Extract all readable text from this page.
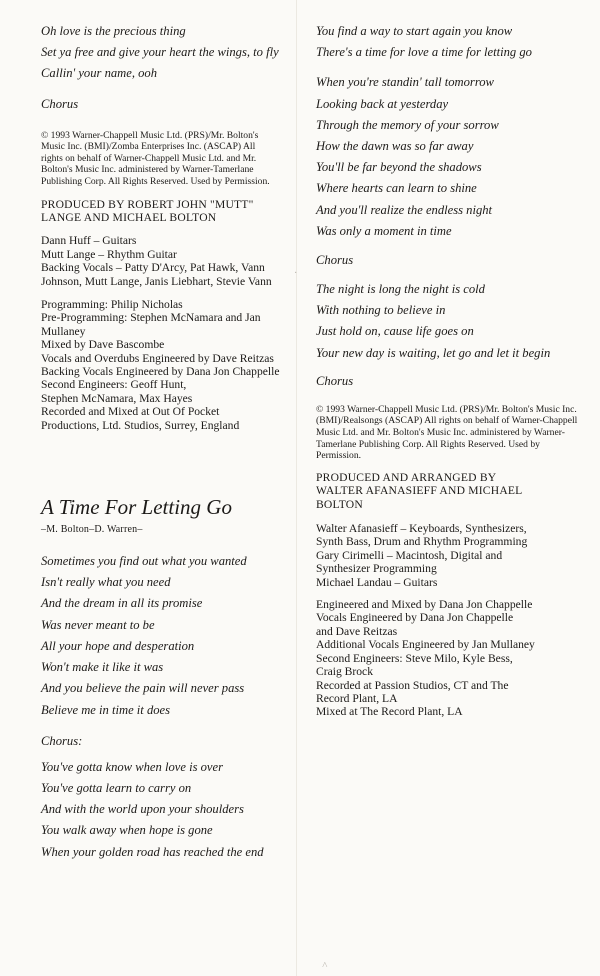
Oh love is the precious thing
Set ya free and give your heart the wings, to fly
Callin' your name, ooh
Chorus
© 1993 Warner-Chappell Music Ltd. (PRS)/Mr. Bolton's Music Inc. (BMI)/Zomba Enterprises Inc. (ASCAP) All rights on behalf of Warner-Chappell Music Ltd. and Mr. Bolton's Music Inc. administered by Warner-Tamerlane Publishing Corp. All Rights Reserved. Used by Permission.
PRODUCED BY ROBERT JOHN "MUTT" LANGE AND MICHAEL BOLTON
Dann Huff – Guitars
Mutt Lange – Rhythm Guitar
Backing Vocals – Patty D'Arcy, Pat Hawk, Vann Johnson, Mutt Lange, Janis Liebhart, Stevie Vann
Programming: Philip Nicholas
Pre-Programming: Stephen McNamara and Jan Mullaney
Mixed by Dave Bascombe
Vocals and Overdubs Engineered by Dave Reitzas
Backing Vocals Engineered by Dana Jon Chappelle
Second Engineers: Geoff Hunt, Stephen McNamara, Max Hayes
Recorded and Mixed at Out Of Pocket Productions, Ltd. Studios, Surrey, England
A Time For Letting Go
–M. Bolton–D. Warren–
Sometimes you find out what you wanted
Isn't really what you need
And the dream in all its promise
Was never meant to be
All your hope and desperation
Won't make it like it was
And you believe the pain will never pass
Believe me in time it does
Chorus:
You've gotta know when love is over
You've gotta learn to carry on
And with the world upon your shoulders
You walk away when hope is gone
When your golden road has reached the end
You find a way to start again you know
There's a time for love a time for letting go
When you're standin' tall tomorrow
Looking back at yesterday
Through the memory of your sorrow
How the dawn was so far away
You'll be far beyond the shadows
Where hearts can learn to shine
And you'll realize the endless night
Was only a moment in time
Chorus
The night is long the night is cold
With nothing to believe in
Just hold on, cause life goes on
Your new day is waiting, let go and let it begin
Chorus
© 1993 Warner-Chappell Music Ltd. (PRS)/Mr. Bolton's Music Inc. (BMI)/Realsongs (ASCAP) All rights on behalf of Warner-Chappell Music Ltd. and Mr. Bolton's Music Inc. administered by Warner-Tamerlane Publishing Corp. All Rights Reserved. Used by Permission.
PRODUCED AND ARRANGED BY WALTER AFANASIEFF AND MICHAEL BOLTON
Walter Afanasieff – Keyboards, Synthesizers, Synth Bass, Drum and Rhythm Programming
Gary Cirimelli – Macintosh, Digital and Synthesizer Programming
Michael Landau – Guitars
Engineered and Mixed by Dana Jon Chappelle
Vocals Engineered by Dana Jon Chappelle and Dave Reitzas
Additional Vocals Engineered by Jan Mullaney
Second Engineers: Steve Milo, Kyle Bess, Craig Brock
Recorded at Passion Studios, CT and The Record Plant, LA
Mixed at The Record Plant, LA
·
˄
